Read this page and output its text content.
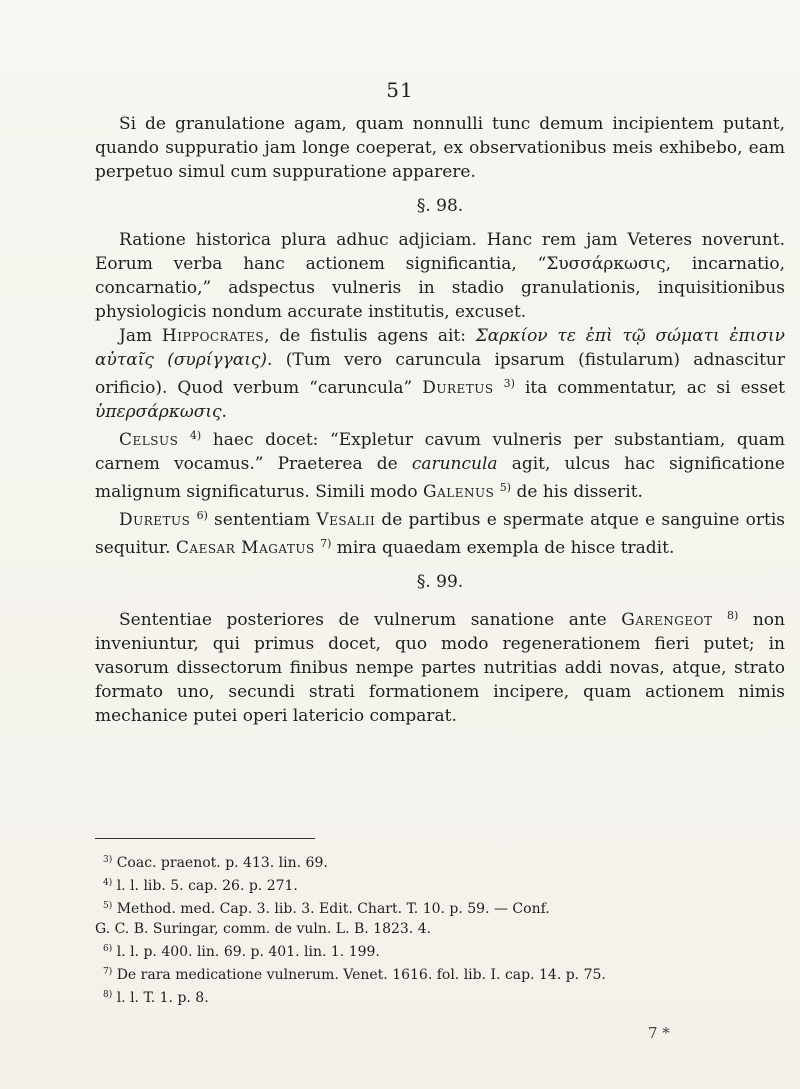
51

Si de granulatione agam, quam nonnulli tunc demum incipientem putant, quando suppuratio jam longe coeperat, ex observationibus meis exhibebo, eam perpetuo simul cum suppuratione apparere.

§. 98.

Ratione historica plura adhuc adjiciam. Hanc rem jam Veteres noverunt. Eorum verba hanc actionem significantia, “Συσσάρκωσις, incarnatio, concarnatio,” adspectus vulneris in stadio granulationis, inquisitionibus physiologicis nondum accurate institutis, excuset.

Jam Hippocrates, de fistulis agens ait: Σαρκίον τε ἐπὶ τῷ σώματι ἐπισιν αὐταῖς (συρίγγαις). (Tum vero caruncula ipsarum (fistularum) adnascitur orificio). Quod verbum “caruncula” Duretus $^{3)}$ ita commentatur, ac si esset ὑπερσάρκωσις.

Celsus $^{4)}$ haec docet: “Expletur cavum vulneris per substantiam, quam carnem vocamus.” Praeterea de caruncula agit, ulcus hac significatione malignum significaturus. Simili modo Galenus $^{5)}$ de his disserit.

Duretus $^{6)}$ sententiam Vesalii de partibus e spermate atque e sanguine ortis sequitur. Caesar Magatus $^{7)}$ mira quaedam exempla de hisce tradit.

§. 99.

Sententiae posteriores de vulnerum sanatione ante Garengeot $^{8)}$ non inveniuntur, qui primus docet, quo modo regenerationem fieri putet; in vasorum dissectorum finibus nempe partes nutritias addi novas, atque, strato formato uno, secundi strati formationem incipere, quam actionem nimis mechanice putei operi latericio comparat.

$^{3)}$ Coac. praenot. p. 413. lin. 69.

$^{4)}$ l. l. lib. 5. cap. 26. p. 271.

$^{5)}$ Method. med. Cap. 3. lib. 3. Edit. Chart. T. 10. p. 59. — Conf.

G. C. B. Suringar, comm. de vuln. L. B. 1823. 4.

$^{6)}$ l. l. p. 400. lin. 69. p. 401. lin. 1. 199.

$^{7)}$ De rara medicatione vulnerum. Venet. 1616. fol. lib. I. cap. 14. p. 75.

$^{8)}$ l. l. T. 1. p. 8.

7 *
